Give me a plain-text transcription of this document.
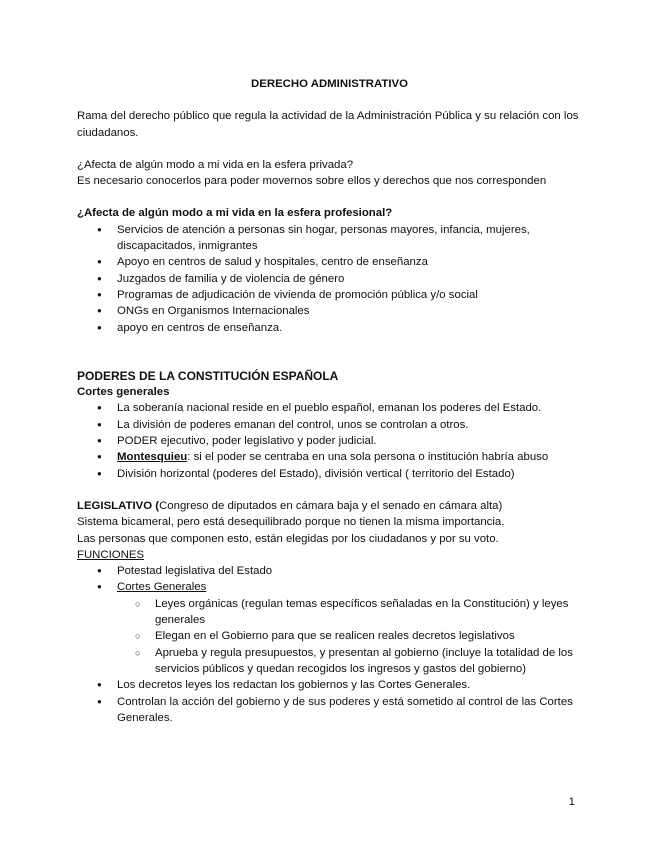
DERECHO ADMINISTRATIVO

Rama del derecho público que regula la actividad de la Administración Pública y su relación con los ciudadanos.

¿Afecta de algún modo a mi vida en la esfera privada?

Es necesario conocerlos para poder movernos sobre ellos y derechos que nos corresponden

¿Afecta de algún modo a mi vida en la esfera profesional?

● Servicios de atención a personas sin hogar, personas mayores, infancia, mujeres, discapacitados, inmigrantes
● Apoyo en centros de salud y hospitales, centro de enseñanza
● Juzgados de familia y de violencia de género
● Programas de adjudicación de vivienda de promoción pública y/o social
● ONGs en Organismos Internacionales
● apoyo en centros de enseñanza.

PODERES DE LA CONSTITUCIÓN ESPAÑOLA

Cortes generales

● La soberanía nacional reside en el pueblo español, emanan los poderes del Estado.
● La división de poderes emanan del control, unos se controlan a otros.
● PODER ejecutivo, poder legislativo y poder judicial.
● Montesquieu: si el poder se centraba en una sola persona o institución habría abuso
● División horizontal (poderes del Estado), división vertical ( territorio del Estado)

LEGISLATIVO (Congreso de diputados en cámara baja y el senado en cámara alta)

Sistema bicameral, pero está desequilibrado porque no tienen la misma importancia.

Las personas que componen esto, están elegidas por los ciudadanos y por su voto.

FUNCIONES

● Potestad legislativa del Estado
● Cortes Generales
○ Leyes orgánicas (regulan temas específicos señaladas en la Constitución) y leyes generales
○ Elegan en el Gobierno para que se realicen reales decretos legislativos
○ Aprueba y regula presupuestos, y presentan al gobierno (incluye la totalidad de los servicios públicos y quedan recogidos los ingresos y gastos del gobierno)
● Los decretos leyes los redactan los gobiernos y las Cortes Generales.
● Controlan la acción del gobierno y de sus poderes y está sometido al control de las Cortes Generales.
1
